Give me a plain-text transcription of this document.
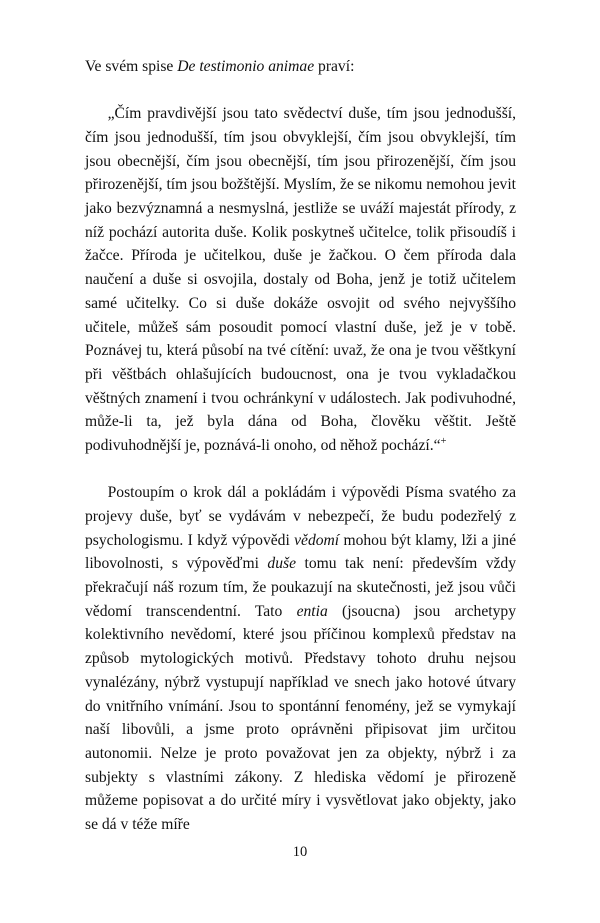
Ve svém spise De testimonio animae praví:

„Čím pravdivější jsou tato svědectví duše, tím jsou jednodušší, čím jsou jednodušší, tím jsou obvyklejší, čím jsou obvyklejší, tím jsou obecnější, čím jsou obecnější, tím jsou přirozenější, čím jsou přirozenější, tím jsou božštější. Myslím, že se nikomu nemohou jevit jako bezvýznamná a nesmyslná, jestliže se uváží majestát přírody, z níž pochází autorita duše. Kolik poskytneš učitelce, tolik přisoudíš i žačce. Příroda je učitelkou, duše je žačkou. O čem příroda dala naučení a duše si osvojila, dostaly od Boha, jenž je totiž učitelem samé učitelky. Co si duše dokáže osvojit od svého nejvyššího učitele, můžeš sám posoudit pomocí vlastní duše, jež je v tobě. Poznávej tu, která působí na tvé cítění: uvaž, že ona je tvou věštkyní při věštbách ohlašujících budoucnost, ona je tvou vykladačkou věštných znamení i tvou ochránkyní v událostech. Jak podivuhodné, může-li ta, jež byla dána od Boha, člověku věštit. Ještě podivuhodnější je, poznává-li onoho, od něhož pochází.“+

Postoupím o krok dál a pokládám i výpovědi Písma svatého za projevy duše, byť se vydávám v nebezpečí, že budu podezřelý z psychologismu. I když výpovědi vědomí mohou být klamy, lži a jiné libovolnosti, s výpověďmi duše tomu tak není: především vždy překračují náš rozum tím, že poukazují na skutečnosti, jež jsou vůči vědomí transcendentní. Tato entia (jsoucna) jsou archetypy kolektivního nevědomí, které jsou příčinou komplexů představ na způsob mytologických motivů. Představy tohoto druhu nejsou vynalézány, nýbrž vystupují například ve snech jako hotové útvary do vnitřního vnímání. Jsou to spontánní fenomény, jež se vymykají naší libovůli, a jsme proto oprávněni připisovat jim určitou autonomii. Nelze je proto považovat jen za objekty, nýbrž i za subjekty s vlastními zákony. Z hlediska vědomí je přirozeně můžeme popisovat a do určité míry i vysvětlovat jako objekty, jako se dá v téže míře

10
